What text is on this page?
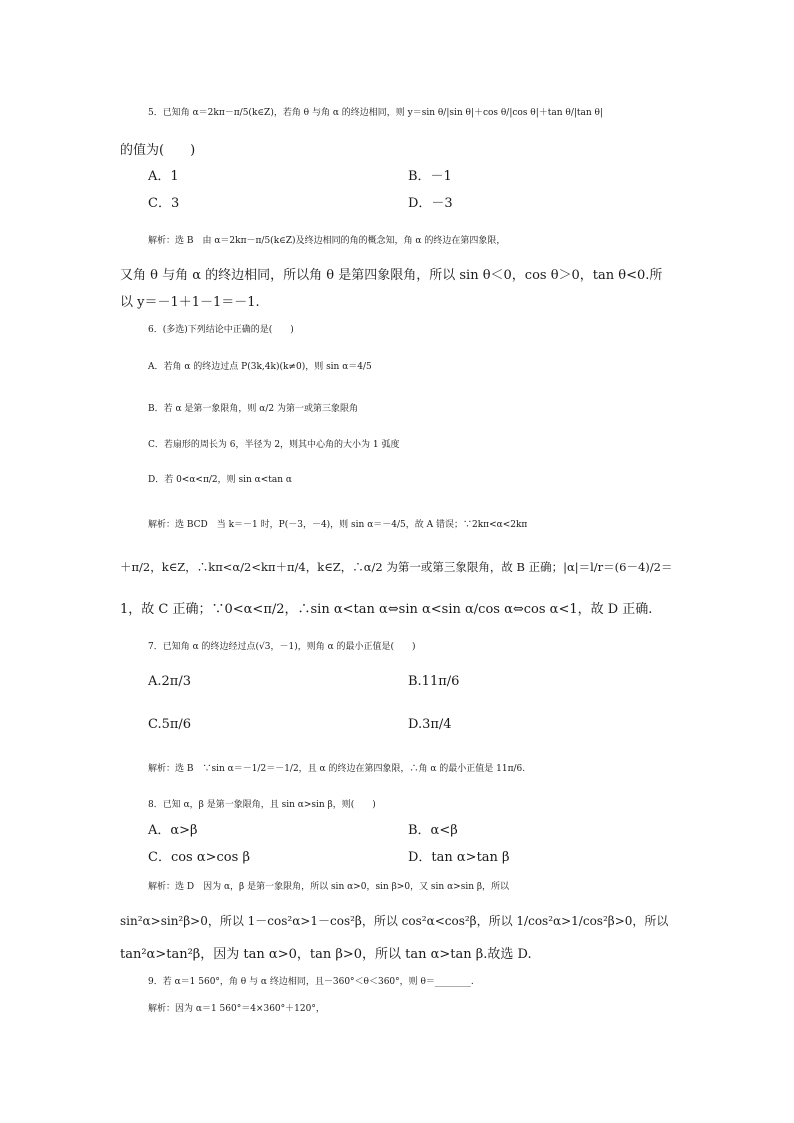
5．已知角 α＝2kπ－π/5(k∈Z)，若角 θ 与角 α 的终边相同，则 y＝sin θ/|sin θ|＋cos θ/|cos θ|＋tan θ/|tan θ|
的值为(　　)
A．1	B．－1
C．3	D．－3
解析：选 B　由 α＝2kπ－π/5(k∈Z)及终边相同的角的概念知，角 α 的终边在第四象限，
又角 θ 与角 α 的终边相同，所以角 θ 是第四象限角，所以 sin θ＜0，cos θ＞0，tan θ<0.所
以 y＝－1＋1－1＝－1.
6．(多选)下列结论中正确的是(　　)
A．若角 α 的终边过点 P(3k,4k)(k≠0)，则 sin α＝4/5
B．若 α 是第一象限角，则 α/2 为第一或第三象限角
C．若扇形的周长为 6，半径为 2，则其中心角的大小为 1 弧度
D．若 0<α<π/2，则 sin α<tan α
解析：选 BCD　当 k＝－1 时，P(－3，－4)，则 sin α＝－4/5，故 A 错误；∵2kπ<α<2kπ
＋π/2，k∈Z，∴kπ<α/2<kπ＋π/4，k∈Z，∴α/2 为第一或第三象限角，故 B 正确；|α|＝l/r＝(6－4)/2＝
1，故 C 正确；∵0<α<π/2，∴sin α<tan α⇔sin α<sin α/cos α⇔cos α<1，故 D 正确.
7．已知角 α 的终边经过点(√3，－1)，则角 α 的最小正值是(　　)
A.2π/3	B.11π/6
C.5π/6	D.3π/4
解析：选 B　∵sin α＝－1/2＝－1/2，且 α 的终边在第四象限，∴角 α 的最小正值是 11π/6.
8．已知 α，β 是第一象限角，且 sin α>sin β，则(　　)
A．α>β	B．α<β
C．cos α>cos β	D．tan α>tan β
解析：选 D　因为 α，β 是第一象限角，所以 sin α>0，sin β>0，又 sin α>sin β，所以
sin²α>sin²β>0，所以 1－cos²α>1－cos²β，所以 cos²α<cos²β，所以 1/cos²α>1/cos²β>0，所以
tan²α>tan²β，因为 tan α>0，tan β>0，所以 tan α>tan β.故选 D.
9．若 α＝1 560°，角 θ 与 α 终边相同，且－360°＜θ＜360°，则 θ＝________.
解析：因为 α＝1 560°＝4×360°＋120°，
